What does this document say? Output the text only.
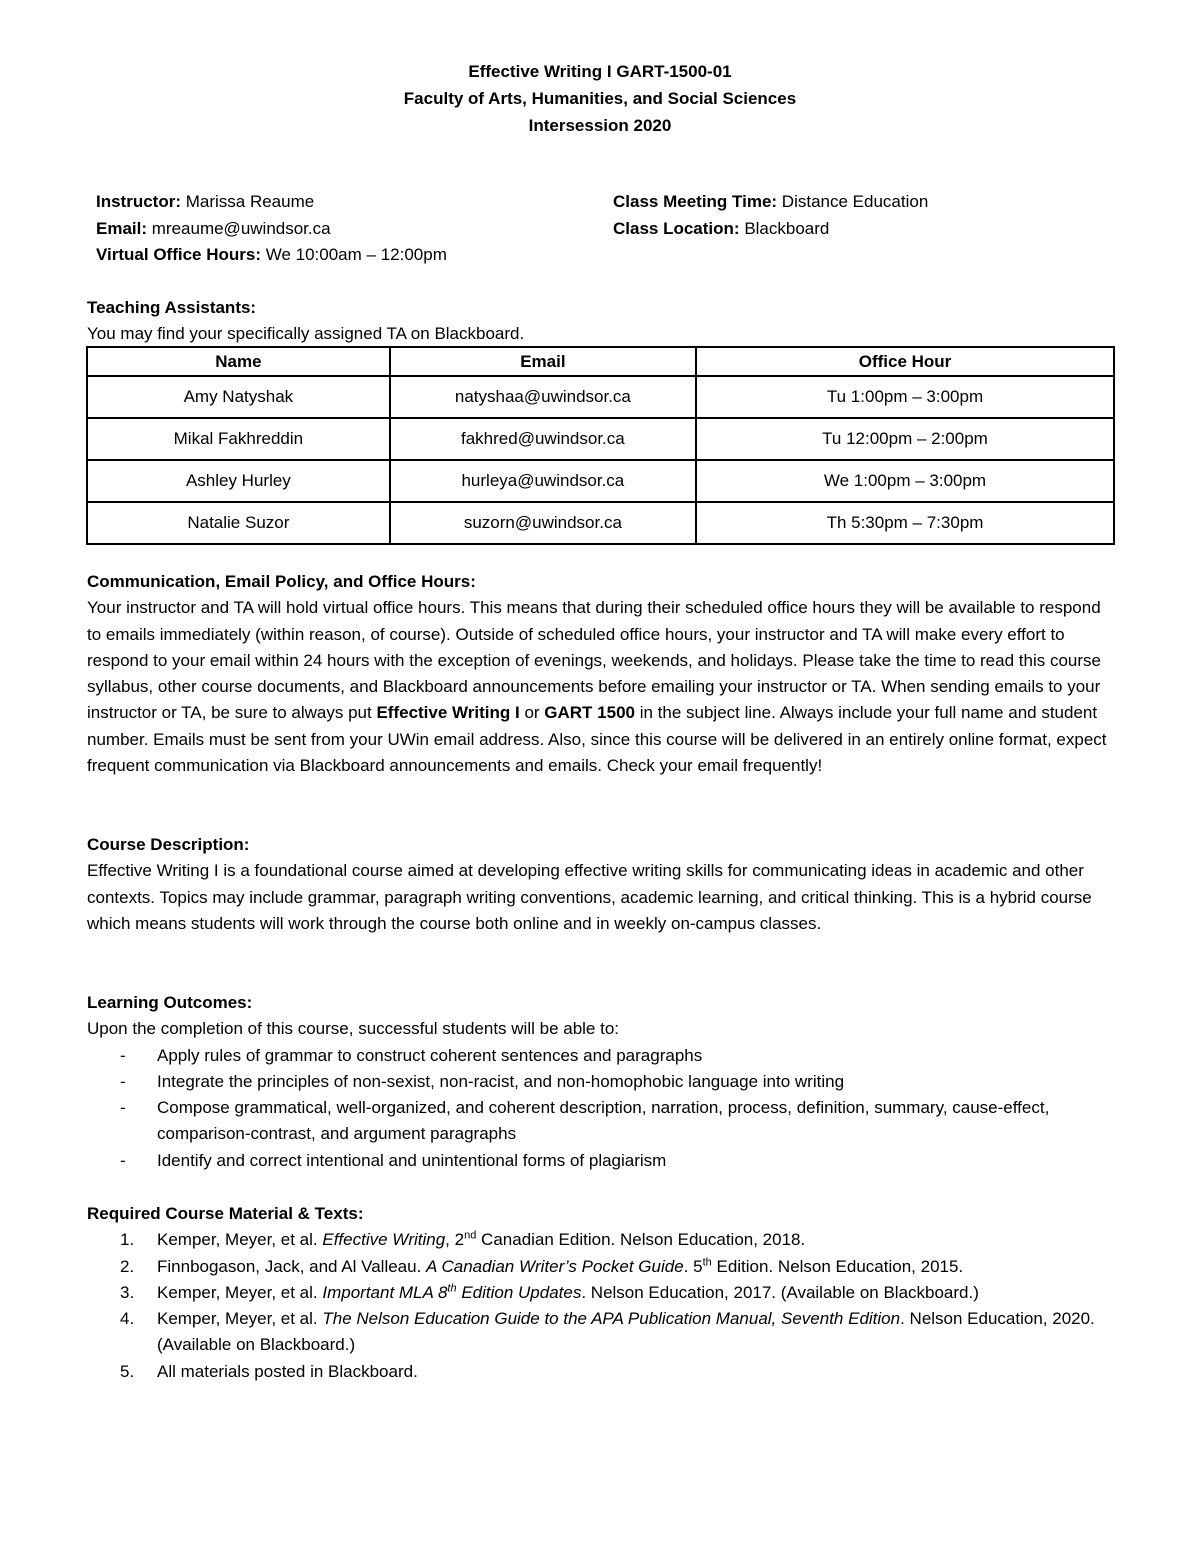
Effective Writing I GART-1500-01
Faculty of Arts, Humanities, and Social Sciences
Intersession 2020
Instructor: Marissa Reaume
Email: mreaume@uwindsor.ca
Virtual Office Hours: We 10:00am – 12:00pm
Class Meeting Time: Distance Education
Class Location: Blackboard
Teaching Assistants:
You may find your specifically assigned TA on Blackboard.
Name	Email	Office Hour
Amy Natyshak	natyshaa@uwindsor.ca	Tu 1:00pm – 3:00pm
Mikal Fakhreddin	fakhred@uwindsor.ca	Tu 12:00pm – 2:00pm
Ashley Hurley	hurleya@uwindsor.ca	We 1:00pm – 3:00pm
Natalie Suzor	suzorn@uwindsor.ca	Th 5:30pm – 7:30pm
Communication, Email Policy, and Office Hours:
Your instructor and TA will hold virtual office hours. This means that during their scheduled office hours they will be available to respond to emails immediately (within reason, of course). Outside of scheduled office hours, your instructor and TA will make every effort to respond to your email within 24 hours with the exception of evenings, weekends, and holidays. Please take the time to read this course syllabus, other course documents, and Blackboard announcements before emailing your instructor or TA. When sending emails to your instructor or TA, be sure to always put Effective Writing I or GART 1500 in the subject line. Always include your full name and student number. Emails must be sent from your UWin email address. Also, since this course will be delivered in an entirely online format, expect frequent communication via Blackboard announcements and emails. Check your email frequently!
Course Description:
Effective Writing I is a foundational course aimed at developing effective writing skills for communicating ideas in academic and other contexts. Topics may include grammar, paragraph writing conventions, academic learning, and critical thinking. This is a hybrid course which means students will work through the course both online and in weekly on-campus classes.
Learning Outcomes:
Upon the completion of this course, successful students will be able to:
- Apply rules of grammar to construct coherent sentences and paragraphs
- Integrate the principles of non-sexist, non-racist, and non-homophobic language into writing
- Compose grammatical, well-organized, and coherent description, narration, process, definition, summary, cause-effect, comparison-contrast, and argument paragraphs
- Identify and correct intentional and unintentional forms of plagiarism
Required Course Material & Texts:
1. Kemper, Meyer, et al. Effective Writing, 2nd Canadian Edition. Nelson Education, 2018.
2. Finnbogason, Jack, and Al Valleau. A Canadian Writer’s Pocket Guide. 5th Edition. Nelson Education, 2015.
3. Kemper, Meyer, et al. Important MLA 8th Edition Updates. Nelson Education, 2017. (Available on Blackboard.)
4. Kemper, Meyer, et al. The Nelson Education Guide to the APA Publication Manual, Seventh Edition. Nelson Education, 2020. (Available on Blackboard.)
5. All materials posted in Blackboard.
